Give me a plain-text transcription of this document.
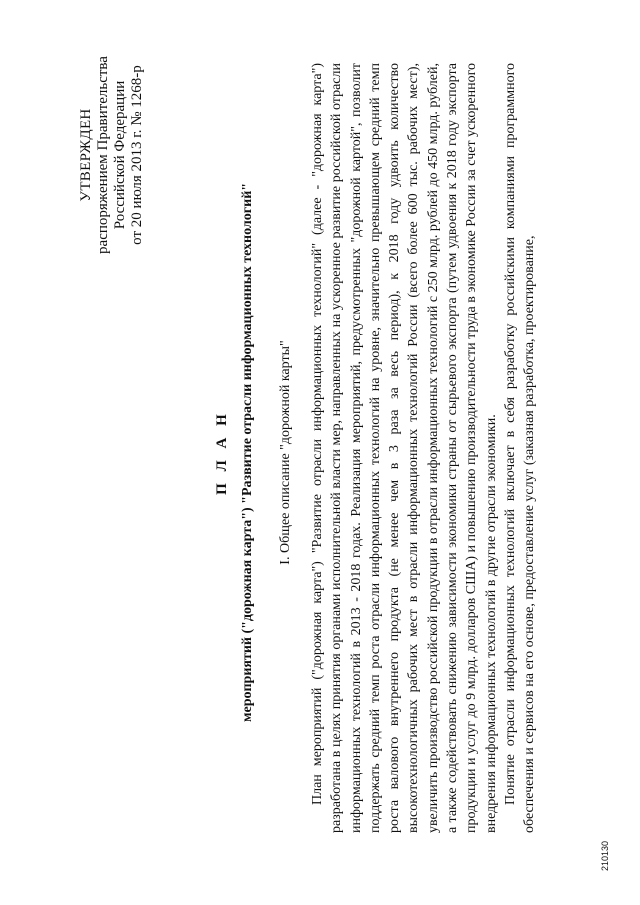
УТВЕРЖДЕН распоряжением Правительства Российской Федерации от 20 июля 2013 г. № 1268-р
П Л А Н мероприятий ("дорожная карта") "Развитие отрасли информационных технологий" I. Общее описание "дорожной карты" План мероприятий ("дорожная карта") "Развитие отрасли информационных технологий" (далее - "дорожная карта") разработана в целях принятия органами исполнительной власти мер, направленных на ускоренное развитие российской отрасли информационных технологий в 2013 - 2018 годах. Реализация мероприятий, предусмотренных "дорожной картой", позволит поддержать средний темп роста отрасли информационных технологий на уровне, значительно превышающем средний темп роста валового внутреннего продукта (не менее чем в 3 раза за весь период), к 2018 году удвоить количество высокотехнологичных рабочих мест в отрасли информационных технологий России (всего более 600 тыс. рабочих мест), увеличить производство российской продукции в отрасли информационных технологий с 250 млрд. рублей до 450 млрд. рублей, а также содействовать снижению зависимости экономики страны от сырьевого экспорта (путем удвоения к 2018 году экспорта продукции и услуг до 9 млрд. долларов США) и повышению производительности труда в экономике России за счет ускоренного внедрения информационных технологий в другие отрасли экономики. Понятие отрасли информационных технологий включает в себя разработку российскими компаниями программного обеспечения и сервисов на его основе, предоставление услуг (заказная разработка, проектирование,

210130
